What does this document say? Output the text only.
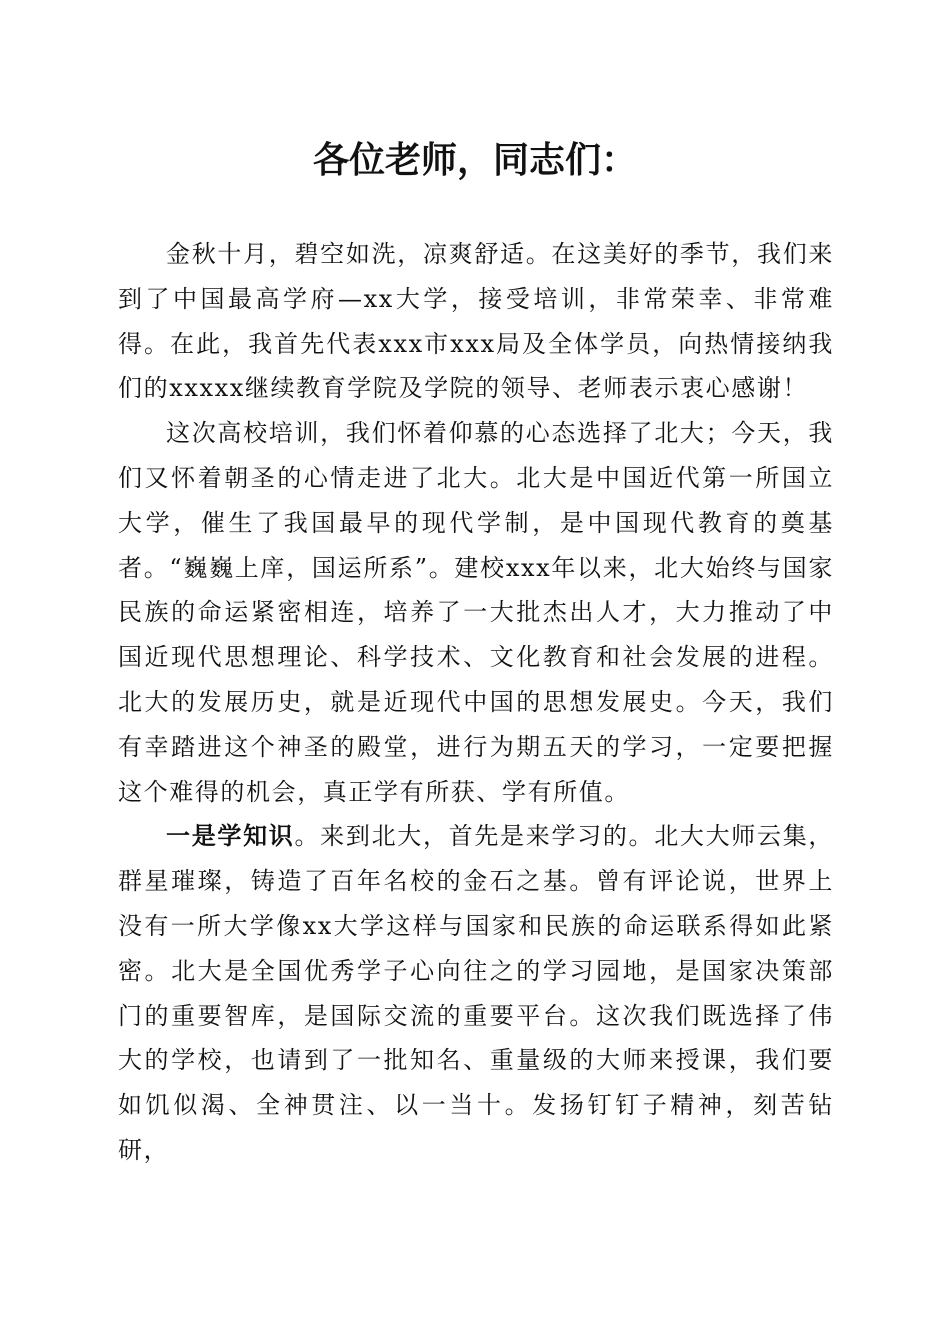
各位老师，同志们：

金秋十月，碧空如洗，凉爽舒适。在这美好的季节，我们来到了中国最高学府—xx大学，接受培训，非常荣幸、非常难得。在此，我首先代表xxx市xxx局及全体学员，向热情接纳我们的xxxxx继续教育学院及学院的领导、老师表示衷心感谢！

这次高校培训，我们怀着仰慕的心态选择了北大；今天，我们又怀着朝圣的心情走进了北大。北大是中国近代第一所国立大学，催生了我国最早的现代学制，是中国现代教育的奠基者。“巍巍上庠，国运所系”。建校xxx年以来，北大始终与国家民族的命运紧密相连，培养了一大批杰出人才，大力推动了中国近现代思想理论、科学技术、文化教育和社会发展的进程。北大的发展历史，就是近现代中国的思想发展史。今天，我们有幸踏进这个神圣的殿堂，进行为期五天的学习，一定要把握这个难得的机会，真正学有所获、学有所值。

一是学知识。来到北大，首先是来学习的。北大大师云集，群星璀璨，铸造了百年名校的金石之基。曾有评论说，世界上没有一所大学像xx大学这样与国家和民族的命运联系得如此紧密。北大是全国优秀学子心向往之的学习园地，是国家决策部门的重要智库，是国际交流的重要平台。这次我们既选择了伟大的学校，也请到了一批知名、重量级的大师来授课，我们要如饥似渴、全神贯注、以一当十。发扬钉钉子精神，刻苦钻研，
